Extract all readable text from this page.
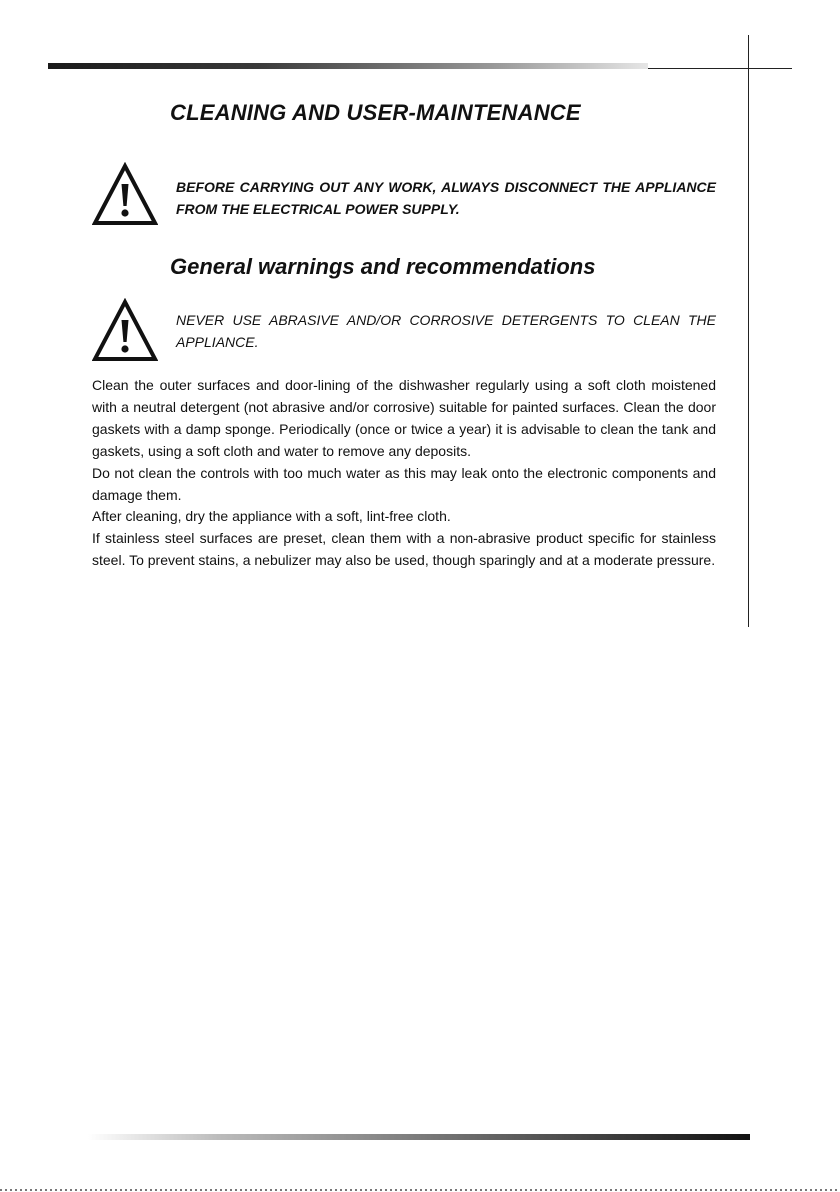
CLEANING AND USER-MAINTENANCE
BEFORE CARRYING OUT ANY WORK, ALWAYS DISCONNECT THE APPLIANCE FROM THE ELECTRICAL POWER SUPPLY.
General warnings and recommendations
NEVER USE ABRASIVE AND/OR CORROSIVE DETERGENTS TO CLEAN THE APPLIANCE.

Clean the outer surfaces and door-lining of the dishwasher regularly using a soft cloth moistened with a neutral detergent (not abrasive and/or corrosive) suitable for painted surfaces. Clean the door gaskets with a damp sponge. Periodically (once or twice a year) it is advisable to clean the tank and gaskets, using a soft cloth and water to remove any deposits.

Do not clean the controls with too much water as this may leak onto the electronic components and damage them.

After cleaning, dry the appliance with a soft, lint-free cloth.

If stainless steel surfaces are preset, clean them with a non-abrasive product specific for stainless steel. To prevent stains, a nebulizer may also be used, though sparingly and at a moderate pressure.
